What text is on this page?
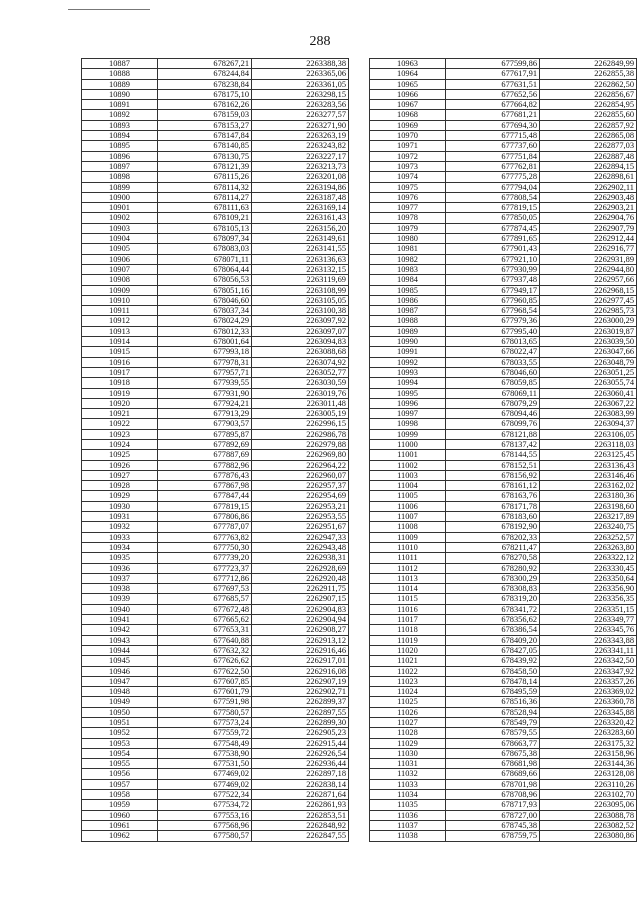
288
10887	678267,21	2263388,38
10888	678244,84	2263365,06
10889	678238,84	2263361,05
10890	678175,10	2263298,15
10891	678162,26	2263283,56
10892	678159,03	2263277,57
10893	678153,27	2263271,90
10894	678147,84	2263263,19
10895	678140,85	2263243,82
10896	678130,75	2263227,17
10897	678121,39	2263213,73
10898	678115,26	2263201,08
10899	678114,32	2263194,86
10900	678114,27	2263187,48
10901	678111,63	2263169,14
10902	678109,21	2263161,43
10903	678105,13	2263156,20
10904	678097,34	2263149,61
10905	678083,03	2263141,55
10906	678071,11	2263136,63
10907	678064,44	2263132,15
10908	678056,53	2263119,69
10909	678051,16	2263108,99
10910	678046,60	2263105,05
10911	678037,34	2263100,38
10912	678024,29	2263097,92
10913	678012,33	2263097,07
10914	678001,64	2263094,83
10915	677993,18	2263088,68
10916	677978,31	2263074,92
10917	677957,71	2263052,77
10918	677939,55	2263030,59
10919	677931,90	2263019,76
10920	677924,21	2263011,48
10921	677913,29	2263005,19
10922	677903,57	2262996,15
10923	677895,87	2262986,78
10924	677892,69	2262979,88
10925	677887,69	2262969,80
10926	677882,96	2262964,22
10927	677876,43	2262960,07
10928	677867,98	2262957,37
10929	677847,44	2262954,69
10930	677819,15	2262953,21
10931	677806,86	2262953,55
10932	677787,07	2262951,67
10933	677763,82	2262947,33
10934	677750,30	2262943,48
10935	677739,20	2262938,31
10936	677723,37	2262928,69
10937	677712,86	2262920,48
10938	677697,53	2262911,75
10939	677685,57	2262907,15
10940	677672,48	2262904,83
10941	677665,62	2262904,94
10942	677653,31	2262908,27
10943	677640,88	2262913,12
10944	677632,32	2262916,46
10945	677626,62	2262917,01
10946	677622,50	2262916,08
10947	677607,85	2262907,19
10948	677601,79	2262902,71
10949	677591,98	2262899,37
10950	677580,57	2262897,55
10951	677573,24	2262899,30
10952	677559,72	2262905,23
10953	677548,49	2262915,44
10954	677538,90	2262926,54
10955	677531,50	2262936,44
10956	677469,02	2262897,18
10957	677469,02	2262838,14
10958	677522,34	2262871,64
10959	677534,72	2262861,93
10960	677553,16	2262853,51
10961	677568,96	2262848,92
10962	677580,57	2262847,55
10963	677599,86	2262849,99
10964	677617,91	2262855,38
10965	677631,51	2262862,50
10966	677652,56	2262856,67
10967	677664,82	2262854,95
10968	677681,21	2262855,60
10969	677694,30	2262857,92
10970	677715,48	2262865,08
10971	677737,60	2262877,03
10972	677751,84	2262887,48
10973	677762,81	2262894,15
10974	677775,28	2262898,61
10975	677794,04	2262902,11
10976	677808,54	2262903,48
10977	677819,15	2262903,21
10978	677850,05	2262904,76
10979	677874,45	2262907,79
10980	677891,65	2262912,44
10981	677901,43	2262916,77
10982	677921,10	2262931,89
10983	677930,99	2262944,80
10984	677937,48	2262957,66
10985	677949,17	2262968,15
10986	677960,85	2262977,45
10987	677968,54	2262985,73
10988	677979,36	2263000,29
10989	677995,40	2263019,87
10990	678013,65	2263039,50
10991	678022,47	2263047,66
10992	678033,55	2263048,79
10993	678046,60	2263051,25
10994	678059,85	2263055,74
10995	678069,11	2263060,41
10996	678079,29	2263067,22
10997	678094,46	2263083,99
10998	678099,76	2263094,37
10999	678121,88	2263106,05
11000	678137,42	2263118,03
11001	678144,55	2263125,45
11002	678152,51	2263136,43
11003	678156,92	2263146,46
11004	678161,12	2263162,02
11005	678163,76	2263180,36
11006	678171,78	2263198,60
11007	678183,60	2263217,89
11008	678192,90	2263240,75
11009	678202,33	2263252,57
11010	678211,47	2263263,80
11011	678270,58	2263322,12
11012	678280,92	2263330,45
11013	678300,29	2263350,64
11014	678308,83	2263356,90
11015	678319,20	2263356,35
11016	678341,72	2263351,15
11017	678356,62	2263349,77
11018	678386,54	2263345,76
11019	678409,20	2263343,88
11020	678427,05	2263341,11
11021	678439,92	2263342,50
11022	678458,50	2263347,92
11023	678478,14	2263357,26
11024	678495,59	2263369,02
11025	678516,36	2263360,78
11026	678528,94	2263345,88
11027	678549,79	2263320,42
11028	678579,55	2263283,60
11029	678663,77	2263175,32
11030	678675,38	2263158,96
11031	678681,98	2263144,36
11032	678689,66	2263128,08
11033	678701,98	2263110,26
11034	678708,96	2263102,70
11035	678717,93	2263095,06
11036	678727,00	2263088,78
11037	678745,38	2263082,52
11038	678759,75	2263080,86
